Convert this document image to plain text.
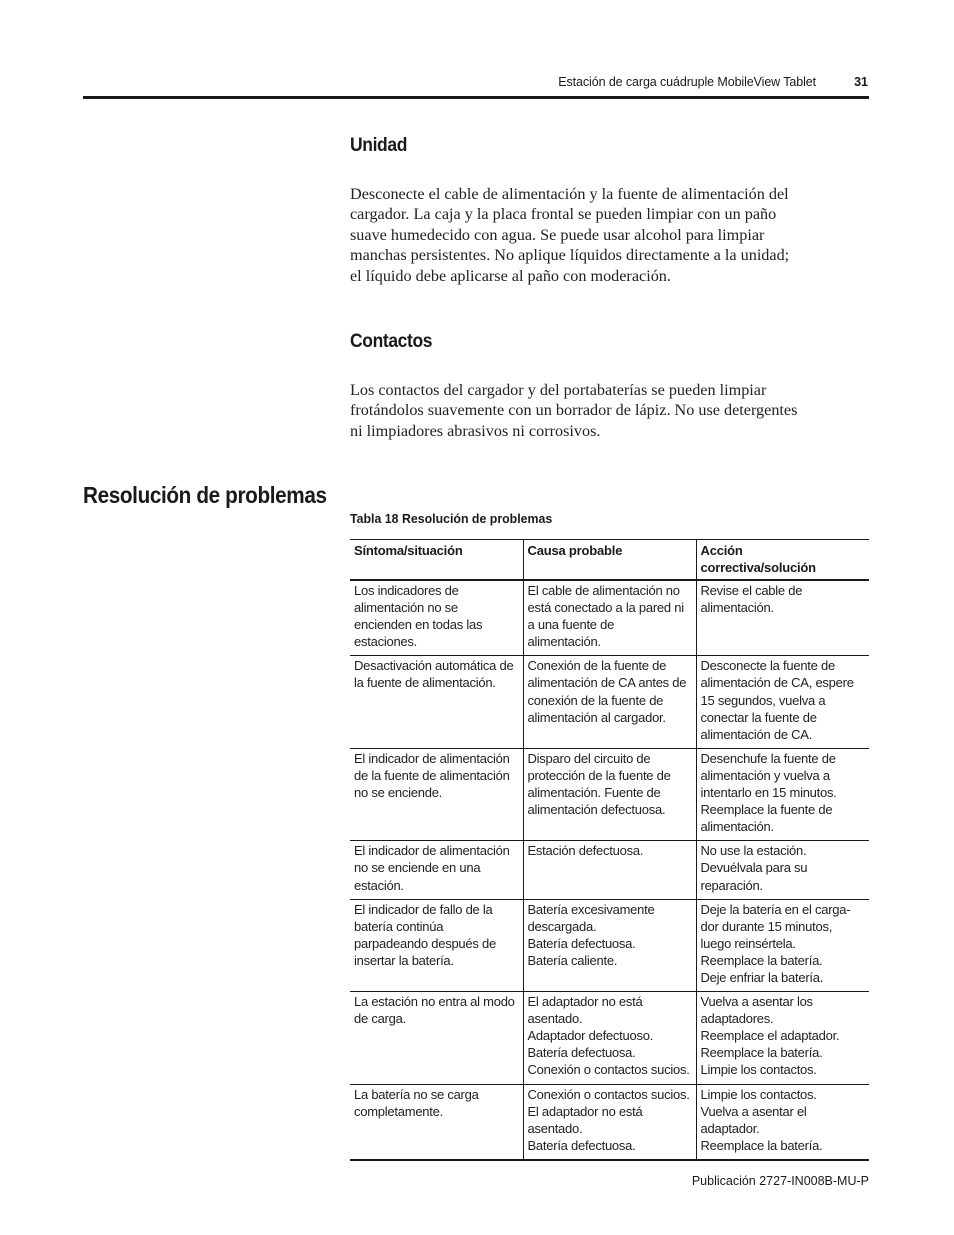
Estación de carga cuádruple MobileView Tablet	31
Unidad
Desconecte el cable de alimentación y la fuente de alimentación del
cargador. La caja y la placa frontal se pueden limpiar con un paño
suave humedecido con agua. Se puede usar alcohol para limpiar
manchas persistentes. No aplique líquidos directamente a la unidad;
el líquido debe aplicarse al paño con moderación.
Contactos
Los contactos del cargador y del portabaterías se pueden limpiar
frotándolos suavemente con un borrador de lápiz. No use detergentes
ni limpiadores abrasivos ni corrosivos.
Resolución de problemas
Tabla 18 Resolución de problemas
Síntoma/situación	Causa probable	Acción
correctiva/solución

Los indicadores de
alimentación no se
encienden en todas las
estaciones.	El cable de alimentación no
está conectado a la pared ni
a una fuente de
alimentación.	Revise el cable de
alimentación.

Desactivación automática de
la fuente de alimentación.	Conexión de la fuente de
alimentación de CA antes de
conexión de la fuente de
alimentación al cargador.	Desconecte la fuente de
alimentación de CA, espere
15 segundos, vuelva a
conectar la fuente de
alimentación de CA.

El indicador de alimentación
de la fuente de alimentación
no se enciende.	Disparo del circuito de
protección de la fuente de
alimentación. Fuente de
alimentación defectuosa.	Desenchufe la fuente de
alimentación y vuelva a
intentarlo en 15 minutos.
Reemplace la fuente de
alimentación.

El indicador de alimentación
no se enciende en una
estación.	Estación defectuosa.	No use la estación.
Devuélvala para su
reparación.

El indicador de fallo de la
batería continúa
parpadeando después de
insertar la batería.	Batería excesivamente
descargada.
Batería defectuosa.
Batería caliente.	Deje la batería en el carga-
dor durante 15 minutos,
luego reinsértela.
Reemplace la batería.
Deje enfriar la batería.

La estación no entra al modo
de carga.	El adaptador no está
asentado.
Adaptador defectuoso.
Batería defectuosa.
Conexión o contactos sucios.	Vuelva a asentar los
adaptadores.
Reemplace el adaptador.
Reemplace la batería.
Limpie los contactos.

La batería no se carga
completamente.	Conexión o contactos sucios.
El adaptador no está
asentado.
Batería defectuosa.	Limpie los contactos.
Vuelva a asentar el
adaptador.
Reemplace la batería.
Publicación 2727-IN008B-MU-P
